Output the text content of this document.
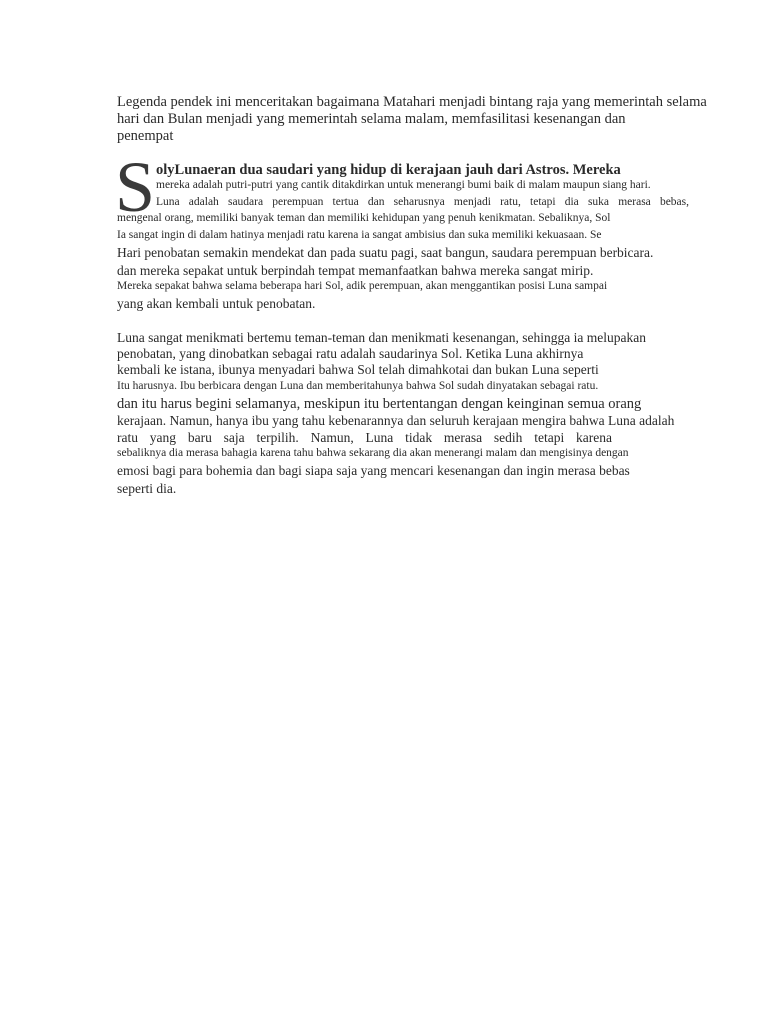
Legenda pendek ini menceritakan bagaimana Matahari menjadi bintang raja yang memerintah selama
hari dan Bulan menjadi yang memerintah selama malam, memfasilitasi kesenangan dan
penempat
S olyLunaeran dua saudari yang hidup di kerajaan jauh dari Astros. Mereka
mereka adalah putri-putri yang cantik ditakdirkan untuk menerangi bumi baik di malam maupun siang hari.
Luna adalah saudara perempuan tertua dan seharusnya menjadi ratu, tetapi dia suka merasa bebas,
mengenal orang, memiliki banyak teman dan memiliki kehidupan yang penuh kenikmatan. Sebaliknya, Sol
Ia sangat ingin di dalam hatinya menjadi ratu karena ia sangat ambisius dan suka memiliki kekuasaan. Se
Hari penobatan semakin mendekat dan pada suatu pagi, saat bangun, saudara perempuan berbicara.
dan mereka sepakat untuk berpindah tempat memanfaatkan bahwa mereka sangat mirip.
Mereka sepakat bahwa selama beberapa hari Sol, adik perempuan, akan menggantikan posisi Luna sampai
yang akan kembali untuk penobatan.
Luna sangat menikmati bertemu teman-teman dan menikmati kesenangan, sehingga ia melupakan
penobatan, yang dinobatkan sebagai ratu adalah saudarinya Sol. Ketika Luna akhirnya
kembali ke istana, ibunya menyadari bahwa Sol telah dimahkotai dan bukan Luna seperti
Itu harusnya. Ibu berbicara dengan Luna dan memberitahunya bahwa Sol sudah dinyatakan sebagai ratu.
dan itu harus begini selamanya, meskipun itu bertentangan dengan keinginan semua orang
kerajaan. Namun, hanya ibu yang tahu kebenarannya dan seluruh kerajaan mengira bahwa Luna adalah
ratu yang baru saja terpilih. Namun, Luna tidak merasa sedih tetapi karena
sebaliknya dia merasa bahagia karena tahu bahwa sekarang dia akan menerangi malam dan mengisinya dengan
emosi bagi para bohemia dan bagi siapa saja yang mencari kesenangan dan ingin merasa bebas
seperti dia.
